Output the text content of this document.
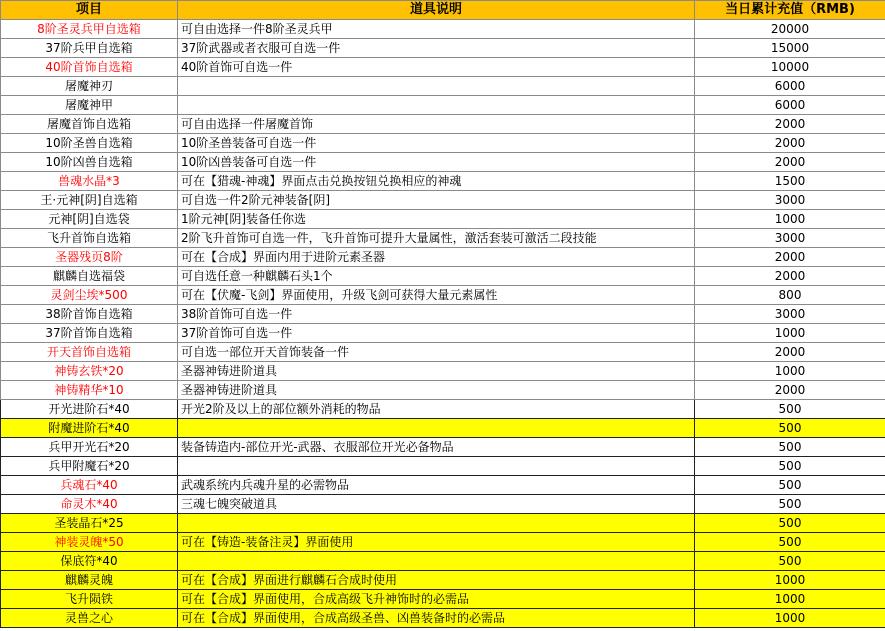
项目	道具说明	当日累计充值（RMB)
8阶圣灵兵甲自选箱	可自由选择一件8阶圣灵兵甲	20000
37阶兵甲自选箱	37阶武器或者衣服可自选一件	15000
40阶首饰自选箱	40阶首饰可自选一件	10000
屠魔神刃		6000
屠魔神甲		6000
屠魔首饰自选箱	可自由选择一件屠魔首饰	2000
10阶圣兽自选箱	10阶圣兽装备可自选一件	2000
10阶凶兽自选箱	10阶凶兽装备可自选一件	2000
兽魂水晶*3	可在【猎魂-神魂】界面点击兑换按钮兑换相应的神魂	1500
王·元神[阴]自选箱	可自选一件2阶元神装备[阴]	3000
元神[阴]自选袋	1阶元神[阴]装备任你选	1000
飞升首饰自选箱	2阶飞升首饰可自选一件，飞升首饰可提升大量属性，激活套装可激活二段技能	3000
圣器残页8阶	可在【合成】界面内用于进阶元素圣器	2000
麒麟自选福袋	可自选任意一种麒麟石头1个	2000
灵剑尘埃*500	可在【伏魔-飞剑】界面使用，升级飞剑可获得大量元素属性	800
38阶首饰自选箱	38阶首饰可自选一件	3000
37阶首饰自选箱	37阶首饰可自选一件	1000
开天首饰自选箱	可自选一部位开天首饰装备一件	2000
神铸玄铁*20	圣器神铸进阶道具	1000
神铸精华*10	圣器神铸进阶道具	2000
开光进阶石*40	开光2阶及以上的部位额外消耗的物品	500
附魔进阶石*40		500
兵甲开光石*20	装备铸造内-部位开光-武器、衣服部位开光必备物品	500
兵甲附魔石*20		500
兵魂石*40	武魂系统内兵魂升星的必需物品	500
命灵木*40	三魂七魄突破道具	500
圣装晶石*25		500
神装灵魄*50	可在【铸造-装备注灵】界面使用	500
保底符*40		500
麒麟灵魄	可在【合成】界面进行麒麟石合成时使用	1000
飞升陨铁	可在【合成】界面使用，合成高级飞升神饰时的必需品	1000
灵兽之心	可在【合成】界面使用，合成高级圣兽、凶兽装备时的必需品	1000
